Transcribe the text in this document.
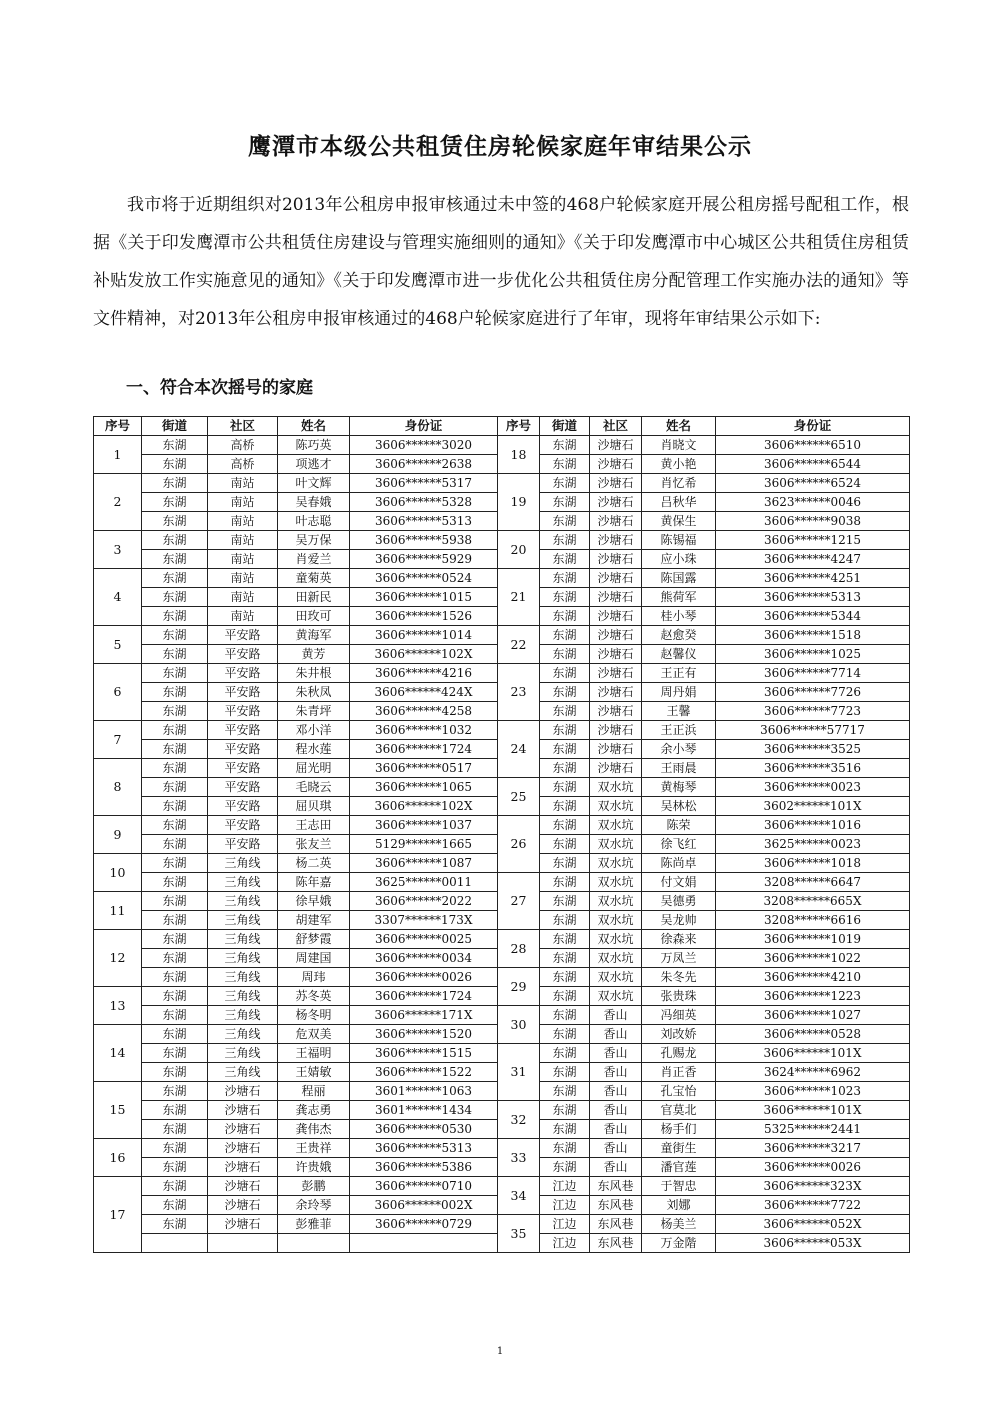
鹰潭市本级公共租赁住房轮候家庭年审结果公示

我市将于近期组织对2013年公租房申报审核通过未中签的468户轮候家庭开展公租房摇号配租工作，根据《关于印发鹰潭市公共租赁住房建设与管理实施细则的通知》《关于印发鹰潭市中心城区公共租赁住房租赁补贴发放工作实施意见的通知》《关于印发鹰潭市进一步优化公共租赁住房分配管理工作实施办法的通知》等文件精神，对2013年公租房申报审核通过的468户轮候家庭进行了年审，现将年审结果公示如下:

一、符合本次摇号的家庭
序号	街道	社区	姓名	身份证
1	东湖	高桥	陈巧英	3606******3020
	东湖	高桥	项逃才	3606******2638
2	东湖	南站	叶文辉	3606******5317
	东湖	南站	吴春娥	3606******5328
	东湖	南站	叶志聪	3606******5313
3	东湖	南站	吴万保	3606******5938
	东湖	南站	肖爱兰	3606******5929
4	东湖	南站	童菊英	3606******0524
	东湖	南站	田新民	3606******1015
	东湖	南站	田玫可	3606******1526
5	东湖	平安路	黄海军	3606******1014
	东湖	平安路	黄芳	3606******102X
6	东湖	平安路	朱井根	3606******4216
	东湖	平安路	朱秋凤	3606******424X
	东湖	平安路	朱青坪	3606******4258
7	东湖	平安路	邓小洋	3606******1032
	东湖	平安路	程水莲	3606******1724
8	东湖	平安路	屈光明	3606******0517
	东湖	平安路	毛晓云	3606******1065
	东湖	平安路	屈贝琪	3606******102X
9	东湖	平安路	王志田	3606******1037
	东湖	平安路	张友兰	5129******1665
10	东湖	三角线	杨二英	3606******1087
	东湖	三角线	陈年嘉	3625******0011
11	东湖	三角线	徐早娥	3606******2022
	东湖	三角线	胡建军	3307******173X
12	东湖	三角线	舒梦霞	3606******0025
	东湖	三角线	周建国	3606******0034
	东湖	三角线	周玮	3606******0026
13	东湖	三角线	苏冬英	3606******1724
	东湖	三角线	杨冬明	3606******171X
14	东湖	三角线	危双美	3606******1520
	东湖	三角线	王福明	3606******1515
	东湖	三角线	王婧敏	3606******1522
15	东湖	沙塘石	程丽	3601******1063
	东湖	沙塘石	龚志勇	3601******1434
	东湖	沙塘石	龚伟杰	3606******0530
16	东湖	沙塘石	王贵祥	3606******5313
	东湖	沙塘石	许贵娥	3606******5386
17	东湖	沙塘石	彭鹏	3606******0710
	东湖	沙塘石	余玲琴	3606******002X
	东湖	沙塘石	彭雅菲	3606******0729

序号	街道	社区	姓名	身份证
18	东湖	沙塘石	肖晓文	3606******6510
	东湖	沙塘石	黄小艳	3606******6544
19	东湖	沙塘石	肖忆希	3606******6524
	东湖	沙塘石	吕秋华	3623******0046
	东湖	沙塘石	黄保生	3606******9038
20	东湖	沙塘石	陈锡福	3606******1215
	东湖	沙塘石	应小珠	3606******4247
21	东湖	沙塘石	陈国露	3606******4251
	东湖	沙塘石	熊荷军	3606******5313
	东湖	沙塘石	桂小琴	3606******5344
22	东湖	沙塘石	赵愈癸	3606******1518
	东湖	沙塘石	赵馨仪	3606******1025
23	东湖	沙塘石	王正有	3606******7714
	东湖	沙塘石	周丹娟	3606******7726
	东湖	沙塘石	王馨	3606******7723
24	东湖	沙塘石	王正浜	3606******57717
	东湖	沙塘石	余小琴	3606******3525
	东湖	沙塘石	王雨晨	3606******3516
25	东湖	双水坑	黄梅琴	3606******0023
	东湖	双水坑	吴林松	3602******101X
26	东湖	双水坑	陈荣	3606******1016
	东湖	双水坑	徐飞红	3625******0023
	东湖	双水坑	陈尚卓	3606******1018
27	东湖	双水坑	付文娟	3208******6647
	东湖	双水坑	吴德勇	3208******665X
	东湖	双水坑	吴龙帅	3208******6616
28	东湖	双水坑	徐森来	3606******1019
	东湖	双水坑	万凤兰	3606******1022
29	东湖	双水坑	朱冬先	3606******4210
	东湖	双水坑	张贵珠	3606******1223
30	东湖	香山	冯细英	3606******1027
	东湖	香山	刘改娇	3606******0528
31	东湖	香山	孔赐龙	3606******101X
	东湖	香山	肖正香	3624******6962
	东湖	香山	孔宝怡	3606******1023
32	东湖	香山	官莫北	3606******101X
	东湖	香山	杨手们	5325******2441
33	东湖	香山	童街生	3606******3217
	东湖	香山	潘官莲	3606******0026
34	江边	东风巷	于智忠	3606******323X
	江边	东风巷	刘娜	3606******7722
35	江边	东风巷	杨美兰	3606******052X
	江边	东风巷	万金階	3606******053X
1
